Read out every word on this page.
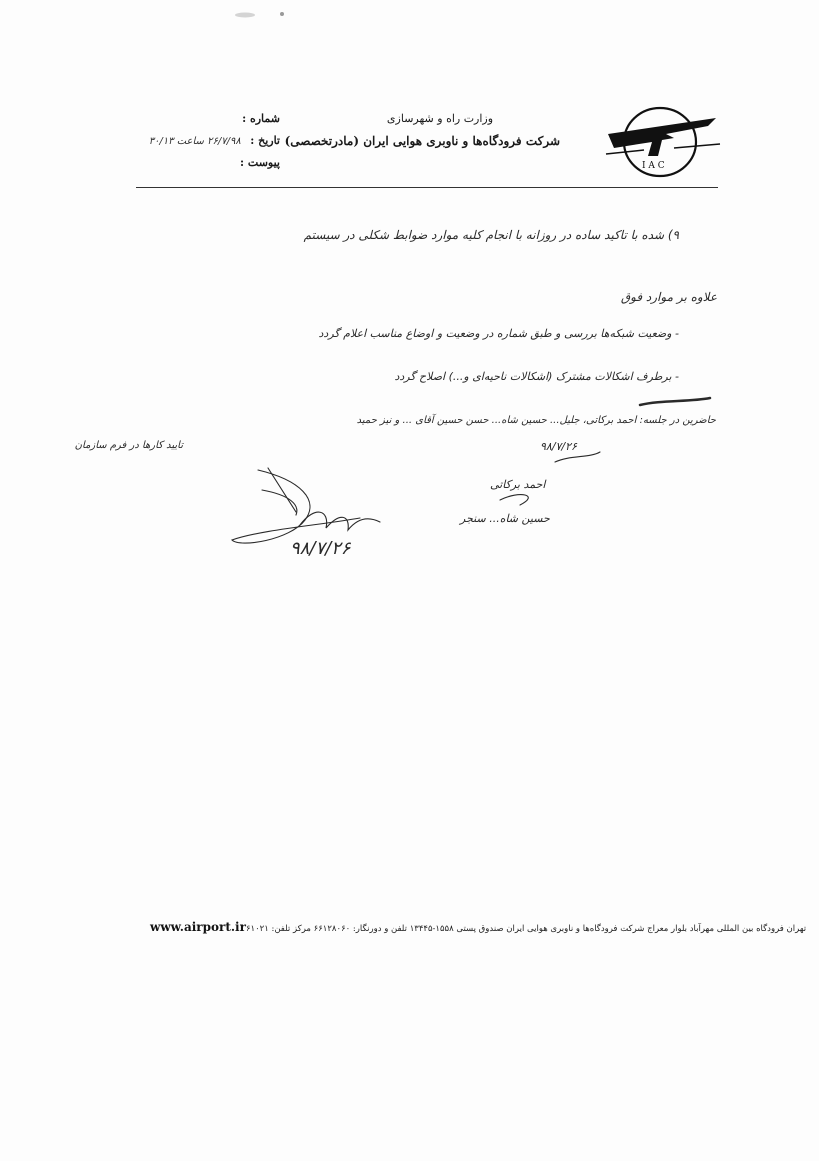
I A C
وزارت راه و شهرسازی
شرکت فرودگاه‌ها و ناوبری هوایی ایران (مادرتخصصی)
شماره :
تاریخ : ۲۶/۷/۹۸ ساعت ۳۰/۱۳
پیوست :
۹) شده با تاکید ساده در روزانه با انجام کلیه موارد ضوابط شکلی در سیستم
علاوه بر موارد فوق
- وضعیت شبکه‌ها بررسی و طبق شماره در وضعیت و اوضاع مناسب اعلام گردد
- برطرف اشکالات مشترک (اشکالات ناحیه‌ای و...) اصلاح گردد
حاضرین در جلسه: احمد برکاتی، جلیل... حسین شاه... حسن حسین آقای ... و نیز حمید
تایید کارها در فرم سازمان	۹۸/۷/۲۶
احمد برکاتی
حسین شاه... سنجر
۹۸/۷/۲۶
www.airport.ir تهران فرودگاه بین المللی مهرآباد بلوار معراج شرکت فرودگاه‌ها و ناوبری هوایی ایران صندوق پستی ۱۵۵۸-۱۳۴۴۵ تلفن و دورنگار: ۶۶۱۲۸۰۶۰ مرکز تلفن: ۶۱۰۲۱
